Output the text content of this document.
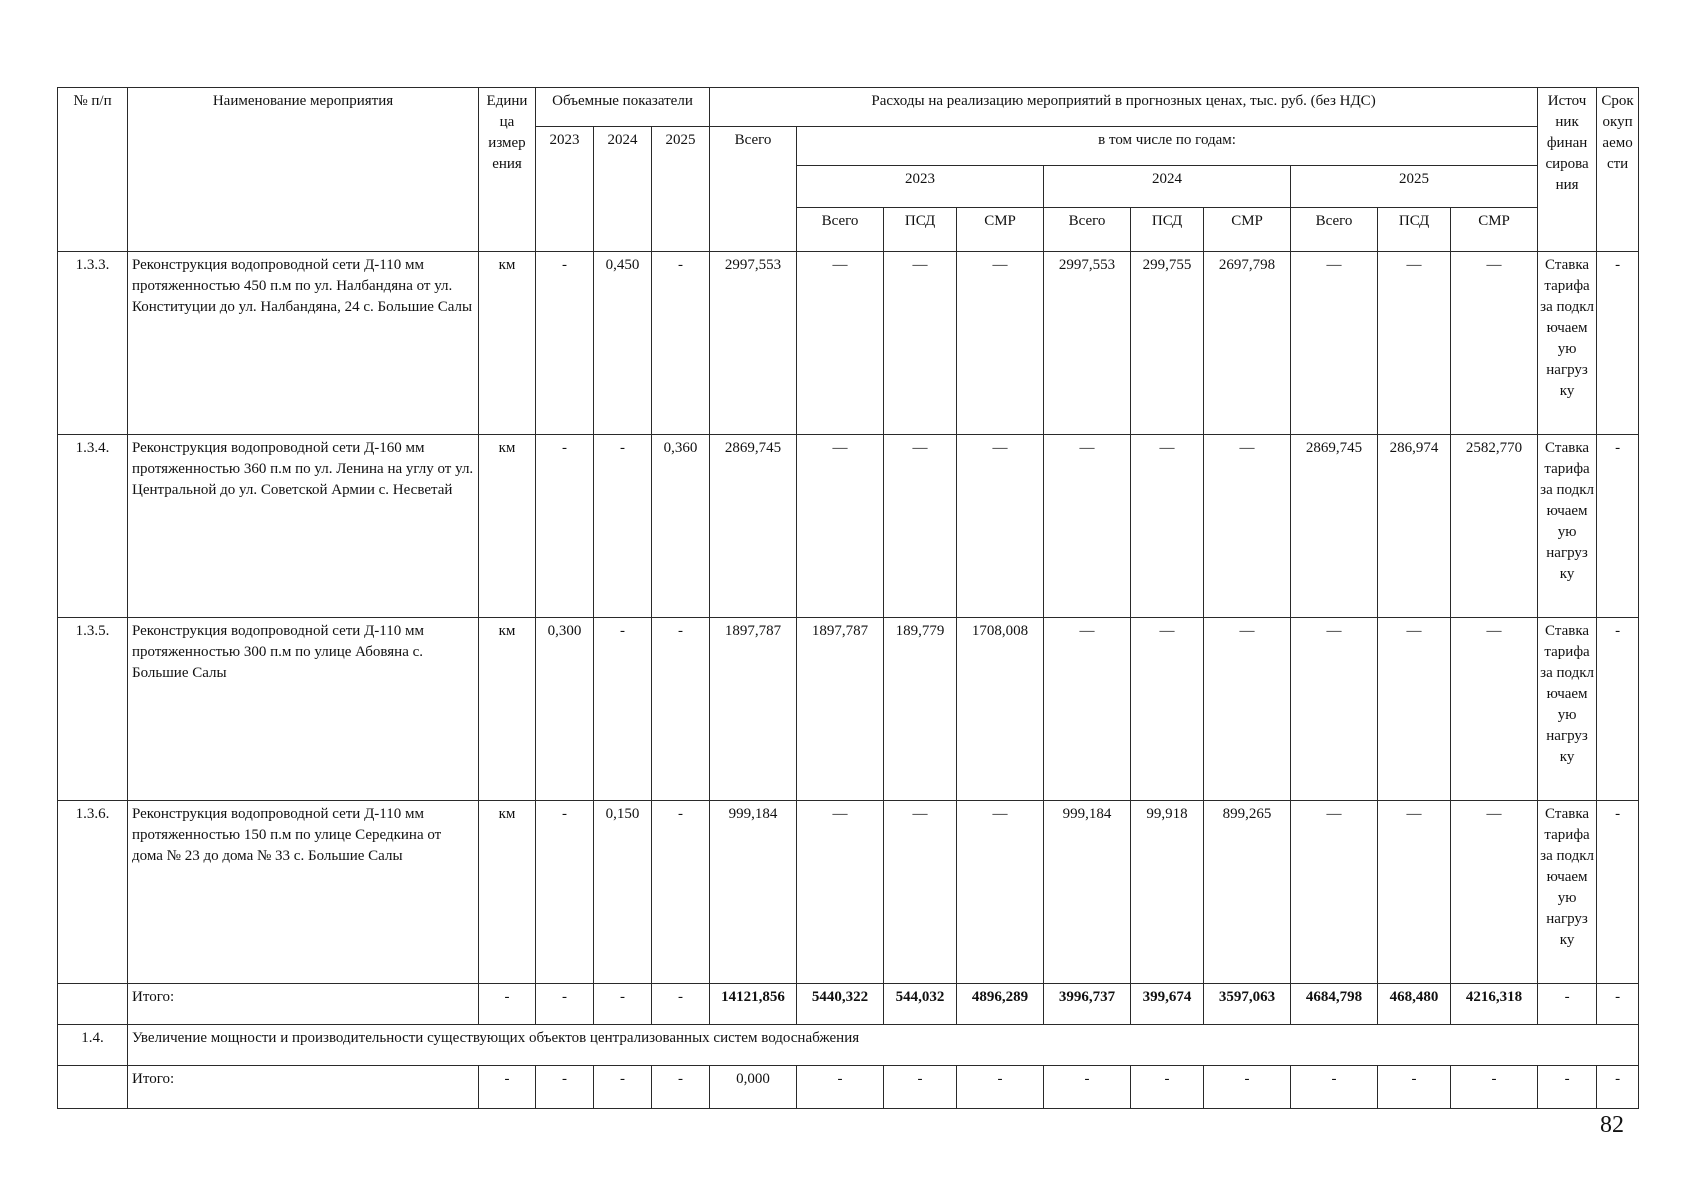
№ п/п	Наименование мероприятия	Едини ца измер ения	Объемные показатели			Расходы на реализацию мероприятий в прогнозных ценах, тыс. руб. (без НДС)										Источ ник финан сирова ния	Срок окуп аемо сти
			2023	2024	2025	Всего	в том числе по годам:										
							2023			2024			2025				
							Всего	ПСД	СМР	Всего	ПСД	СМР	Всего	ПСД	СМР		
1.3.3.	Реконструкция водопроводной сети Д-110 мм протяженностью 450 п.м по ул. Налбандяна от ул. Конституции до ул. Налбандяна, 24 с. Большие Салы	км	-	0,450	-	2997,553	—	—	—	2997,553	299,755	2697,798	—	—	—	Ставка тарифа за подкл ючаем ую нагруз ку	-
1.3.4.	Реконструкция водопроводной сети Д-160 мм протяженностью 360 п.м по ул. Ленина на углу от ул. Центральной до ул. Советской Армии с. Несветай	км	-	-	0,360	2869,745	—	—	—	—	—	—	2869,745	286,974	2582,770	Ставка тарифа за подкл ючаем ую нагруз ку	-
1.3.5.	Реконструкция водопроводной сети Д-110 мм протяженностью 300 п.м по улице Абовяна с. Большие Салы	км	0,300	-	-	1897,787	1897,787	189,779	1708,008	—	—	—	—	—	—	Ставка тарифа за подкл ючаем ую нагруз ку	-
1.3.6.	Реконструкция водопроводной сети Д-110 мм протяженностью 150 п.м по улице Середкина от дома № 23 до дома № 33 с. Большие Салы	км	-	0,150	-	999,184	—	—	—	999,184	99,918	899,265	—	—	—	Ставка тарифа за подкл ючаем ую нагруз ку	-
	Итого:	-	-	-	-	14121,856	5440,322	544,032	4896,289	3996,737	399,674	3597,063	4684,798	468,480	4216,318	-	-
1.4.	Увеличение мощности и производительности существующих объектов централизованных систем водоснабжения																
	Итого:	-	-	-	-	0,000	-	-	-	-	-	-	-	-	-	-	-
82
